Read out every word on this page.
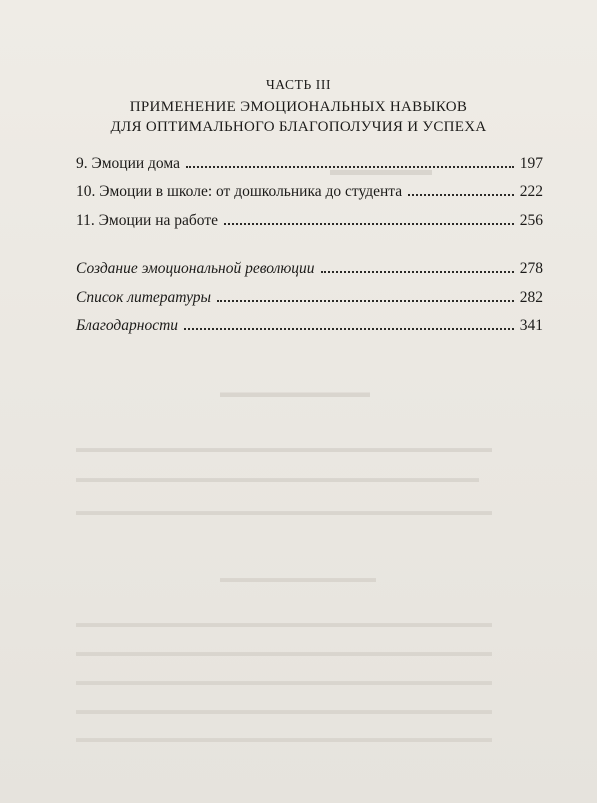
▬▬▬▬▬▬
▬▬▬▬▬▬▬▬▬▬
▬▬▬▬▬▬▬▬▬▬▬▬▬▬▬▬▬▬▬▬▬▬▬▬▬▬▬▬▬▬▬▬
▬▬▬▬▬▬▬▬▬▬▬▬▬▬▬▬▬▬▬▬▬▬▬▬▬▬▬▬▬▬▬
▬▬▬▬▬▬▬▬▬▬▬▬▬▬▬▬▬▬▬▬▬▬▬▬▬▬▬▬▬▬▬▬
▬▬▬▬▬▬▬▬▬▬▬▬
▬▬▬▬▬▬▬▬▬▬▬▬▬▬▬▬▬▬▬▬▬▬▬▬▬▬▬▬▬▬▬▬
▬▬▬▬▬▬▬▬▬▬▬▬▬▬▬▬▬▬▬▬▬▬▬▬▬▬▬▬▬▬▬▬
▬▬▬▬▬▬▬▬▬▬▬▬▬▬▬▬▬▬▬▬▬▬▬▬▬▬▬▬▬▬▬▬
▬▬▬▬▬▬▬▬▬▬▬▬▬▬▬▬▬▬▬▬▬▬▬▬▬▬▬▬▬▬▬▬
▬▬▬▬▬▬▬▬▬▬▬▬▬▬▬▬▬▬▬▬▬▬▬▬▬▬▬▬▬▬▬▬
ЧАСТЬ III
ПРИМЕНЕНИЕ ЭМОЦИОНАЛЬНЫХ НАВЫКОВ
ДЛЯ ОПТИМАЛЬНОГО БЛАГОПОЛУЧИЯ И УСПЕХА
9. Эмоции дома	197
10. Эмоции в школе: от дошкольника до студента	222
11. Эмоции на работе	256
Создание эмоциональной революции	278
Список литературы	282
Благодарности	341
